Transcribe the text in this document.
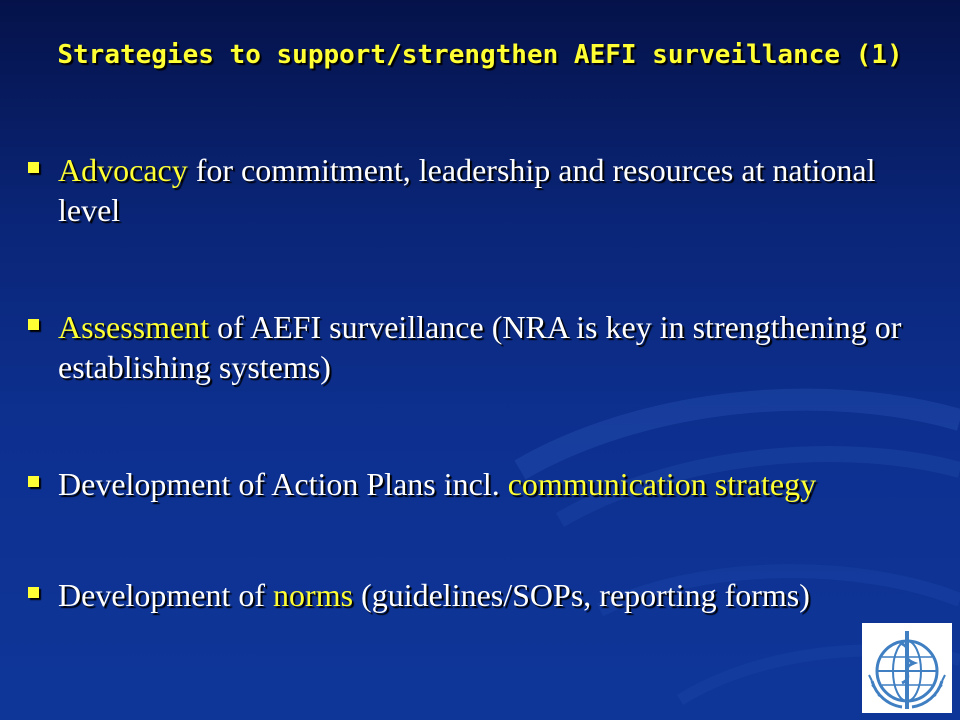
Strategies to support/strengthen AEFI surveillance (1)
Advocacy for commitment, leadership and resources at national level
Assessment of AEFI surveillance (NRA is key in strengthening or establishing systems)
Development of Action Plans incl. communication strategy
Development of norms (guidelines/SOPs, reporting forms)
